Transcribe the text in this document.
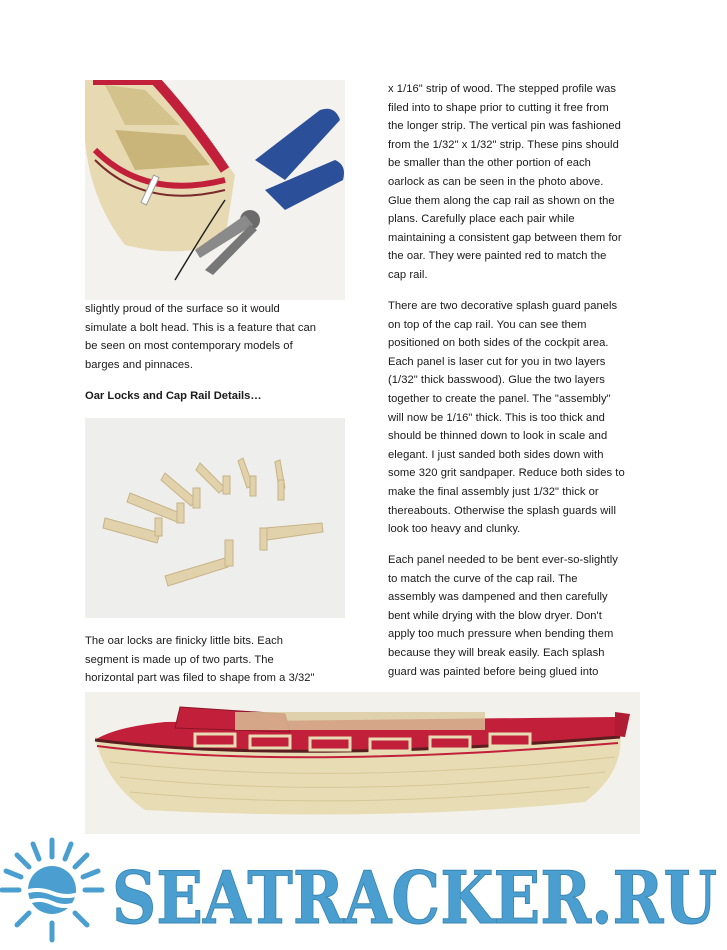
slightly proud of the surface so it would
simulate a bolt head. This is a feature that can
be seen on most contemporary models of
barges and pinnaces.

Oar Locks and Cap Rail Details…

The oar locks are finicky little bits. Each
segment is made up of two parts. The
horizontal part was filed to shape from a 3/32"

x 1/16" strip of wood. The stepped profile was
filed into to shape prior to cutting it free from
the longer strip. The vertical pin was fashioned
from the 1/32" x 1/32" strip. These pins should
be smaller than the other portion of each
oarlock as can be seen in the photo above.
Glue them along the cap rail as shown on the
plans. Carefully place each pair while
maintaining a consistent gap between them for
the oar. They were painted red to match the
cap rail.

There are two decorative splash guard panels
on top of the cap rail. You can see them
positioned on both sides of the cockpit area.
Each panel is laser cut for you in two layers
(1/32" thick basswood). Glue the two layers
together to create the panel. The "assembly"
will now be 1/16" thick. This is too thick and
should be thinned down to look in scale and
elegant. I just sanded both sides down with
some 320 grit sandpaper. Reduce both sides to
make the final assembly just 1/32" thick or
thereabouts. Otherwise the splash guards will
look too heavy and clunky.

Each panel needed to be bent ever-so-slightly
to match the curve of the cap rail. The
assembly was dampened and then carefully
bent while drying with the blow dryer. Don't
apply too much pressure when bending them
because they will break easily. Each splash
guard was painted before being glued into

SEATRACKER.RU
